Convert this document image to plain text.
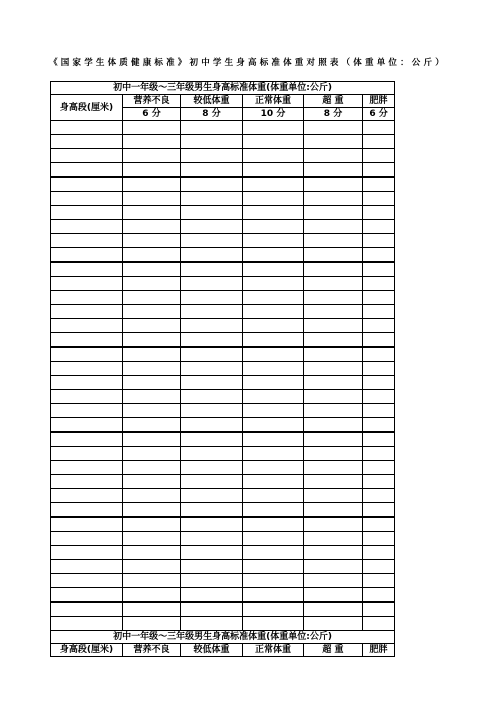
《国家学生体质健康标准》初中学生身高标准体重对照表（体重单位：公斤）
初中一年级～三年级男生身高标准体重(体重单位:公斤)					
身高段(厘米)	营养不良	较低体重	正常体重	超 重	肥胖
	6 分	8 分	10 分	8 分	6 分

初中一年级～三年级男生身高标准体重(体重单位:公斤)					
身高段(厘米)	营养不良	较低体重	正常体重	超 重	肥胖
